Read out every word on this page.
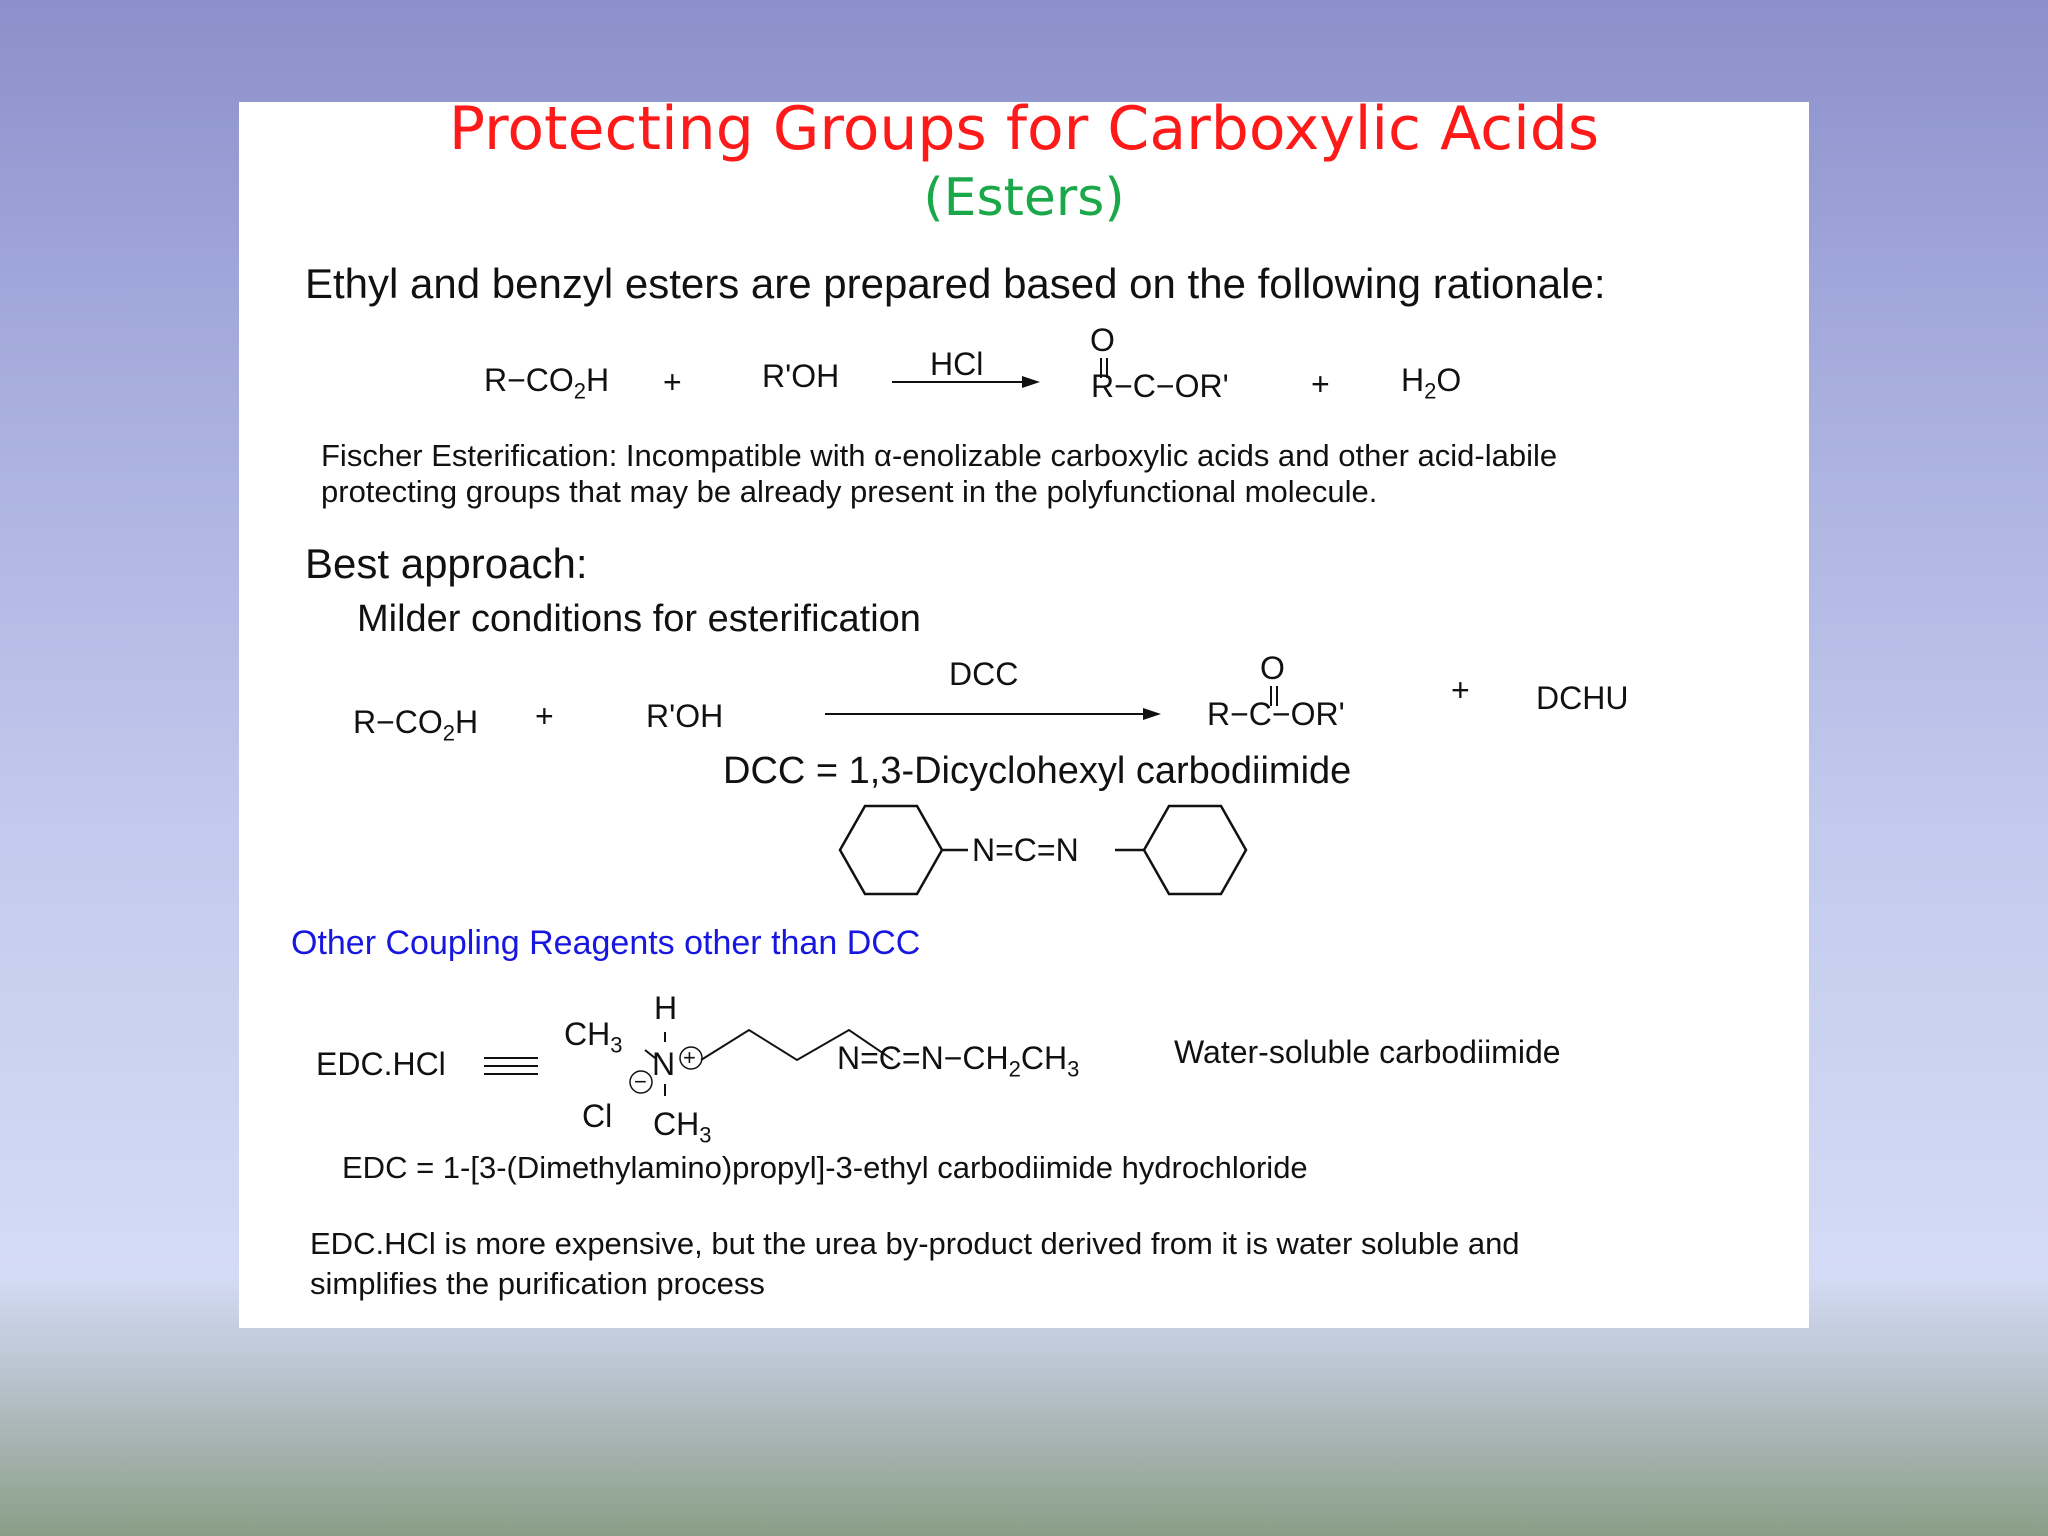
Protecting Groups for Carboxylic Acids
(Esters)
Ethyl and benzyl esters are prepared based on the following rationale:
$R-CO_2H$ +	R'OH	HCl
O
R−C−OR'	+ $H_2O$
Fischer Esterification: Incompatible with α-enolizable carboxylic acids and other acid-labile
protecting groups that may be already present in the polyfunctional molecule.
Best approach:
Milder conditions for esterification
$R-CO_2H$ +	R'OH
DCC	O
R−C−OR'
+ DCHU
DCC = 1,3-Dicyclohexyl carbodiimide
N=C=N
Other Coupling Reagents other than DCC
EDC.HCl
H
$CH_3$
N
Cl $CH_3$
−
+	$N=C=N-CH_2CH_3$	Water-soluble carbodiimide
EDC = 1-[3-(Dimethylamino)propyl]-3-ethyl carbodiimide hydrochloride
EDC.HCl is more expensive, but the urea by-product derived from it is water soluble and
simplifies the purification process
